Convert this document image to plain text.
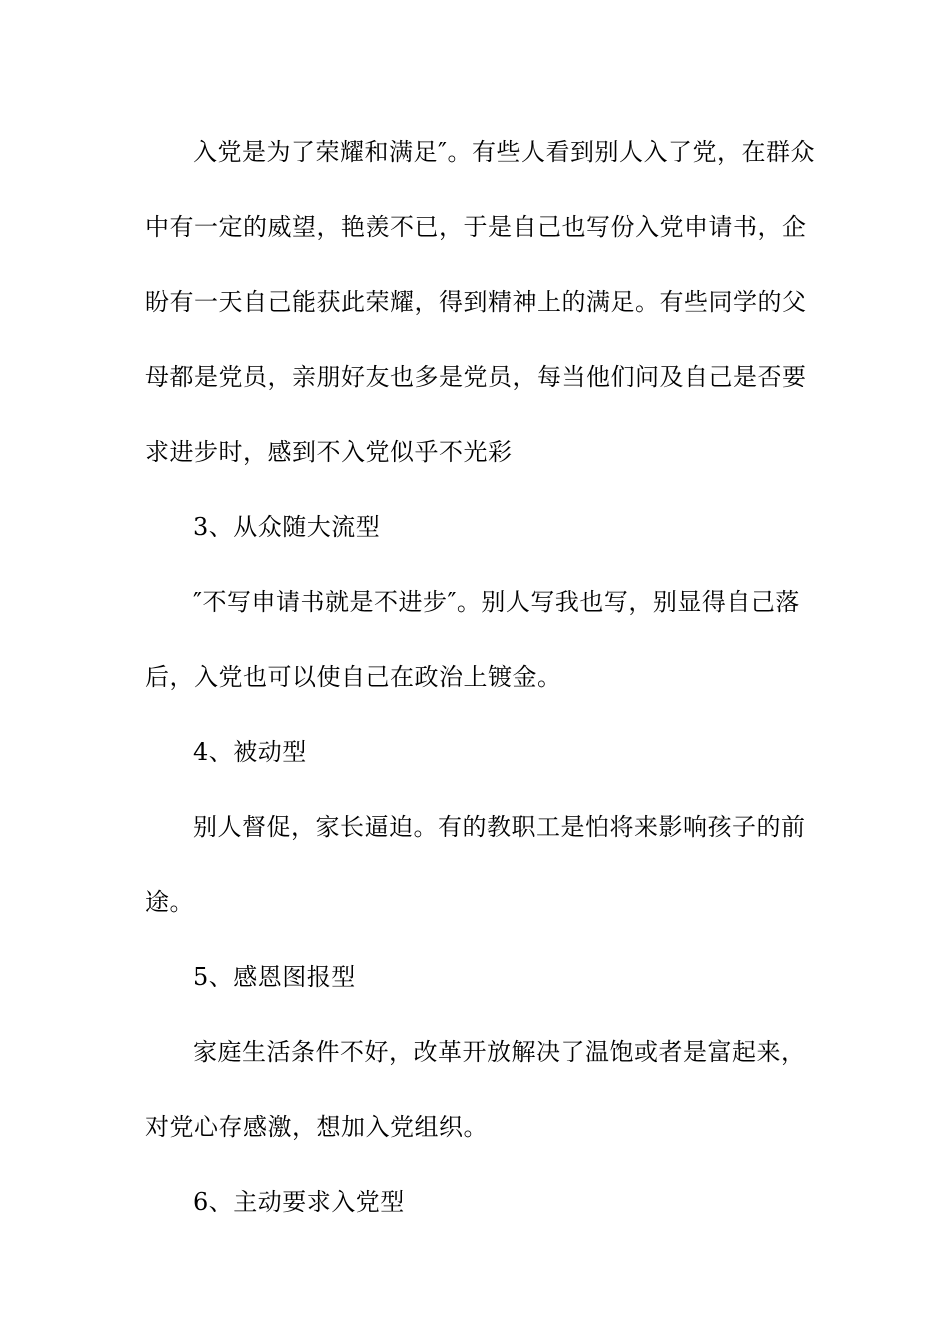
入党是为了荣耀和满足″。有些人看到别人入了党，在群众
中有一定的威望，艳羡不已，于是自己也写份入党申请书，企
盼有一天自己能获此荣耀，得到精神上的满足。有些同学的父
母都是党员，亲朋好友也多是党员，每当他们问及自己是否要
求进步时，感到不入党似乎不光彩
3、从众随大流型
″不写申请书就是不进步″。别人写我也写，别显得自己落
后，入党也可以使自己在政治上镀金。
4、被动型
别人督促，家长逼迫。有的教职工是怕将来影响孩子的前
途。
5、感恩图报型
家庭生活条件不好，改革开放解决了温饱或者是富起来，
对党心存感激，想加入党组织。
6、主动要求入党型
